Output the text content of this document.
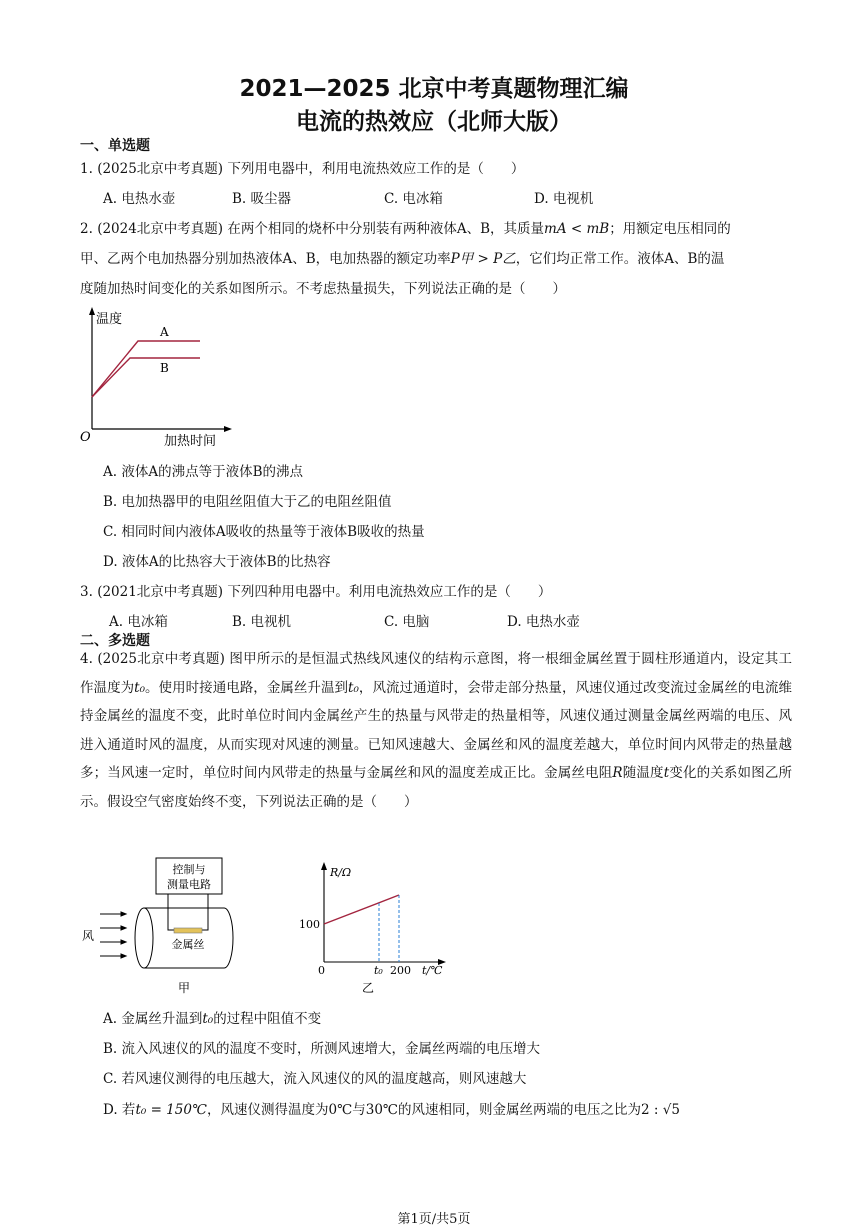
2021—2025 北京中考真题物理汇编
电流的热效应（北师大版）
一、单选题
1. (2025北京中考真题) 下列用电器中，利用电流热效应工作的是（　　）
A. 电热水壶	B. 吸尘器	C. 电冰箱	D. 电视机
2. (2024北京中考真题) 在两个相同的烧杯中分别装有两种液体A、B，其质量mA < mB；用额定电压相同的
甲、乙两个电加热器分别加热液体A、B，电加热器的额定功率P甲 > P乙，它们均正常工作。液体A、B的温
度随加热时间变化的关系如图所示。不考虑热量损失，下列说法正确的是（　　）
温度
O	加热时间
A
B
A. 液体A的沸点等于液体B的沸点
B. 电加热器甲的电阻丝阻值大于乙的电阻丝阻值
C. 相同时间内液体A吸收的热量等于液体B吸收的热量
D. 液体A的比热容大于液体B的比热容
3. (2021北京中考真题) 下列四种用电器中。利用电流热效应工作的是（　　）
A. 电冰箱	B. 电视机	C. 电脑	D. 电热水壶
二、多选题
4. (2025北京中考真题) 图甲所示的是恒温式热线风速仪的结构示意图，将一根细金属丝置于圆柱形通道内，设定其工作温度为t₀。使用时接通电路，金属丝升温到t₀，风流过通道时，会带走部分热量，风速仪通过改变流过金属丝的电流维持金属丝的温度不变，此时单位时间内金属丝产生的热量与风带走的热量相等，风速仪通过测量金属丝两端的电压、风进入通道时风的温度，从而实现对风速的测量。已知风速越大、金属丝和风的温度差越大，单位时间内风带走的热量越多；当风速一定时，单位时间内风带走的热量与金属丝和风的温度差成正比。金属丝电阻R随温度t变化的关系如图乙所示。假设空气密度始终不变，下列说法正确的是（　　）
控制与
测量电路
风
金属丝
甲
R/Ω
100
0	t₀ 200 t/℃
乙
A. 金属丝升温到t₀的过程中阻值不变
B. 流入风速仪的风的温度不变时，所测风速增大，金属丝两端的电压增大
C. 若风速仪测得的电压越大，流入风速仪的风的温度越高，则风速越大
D. 若t₀ = 150℃，风速仪测得温度为0℃与30℃的风速相同，则金属丝两端的电压之比为2 : √5
第1页/共5页
